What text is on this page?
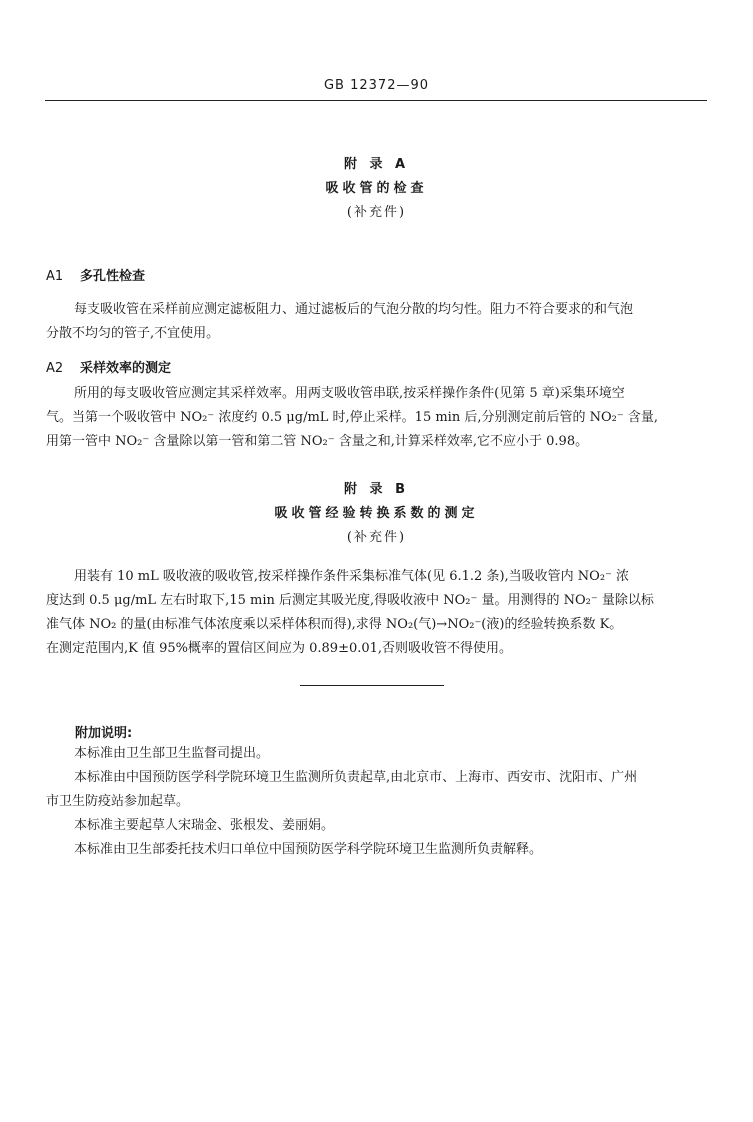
GB 12372—90
附 录 A
吸收管的检查
(补充件)
A1 多孔性检查
每支吸收管在采样前应测定滤板阻力、通过滤板后的气泡分散的均匀性。阻力不符合要求的和气泡
分散不均匀的管子,不宜使用。
A2 采样效率的测定
所用的每支吸收管应测定其采样效率。用两支吸收管串联,按采样操作条件(见第 5 章)采集环境空
气。当第一个吸收管中 NO₂⁻ 浓度约 0.5 μg/mL 时,停止采样。15 min 后,分别测定前后管的 NO₂⁻ 含量,
用第一管中 NO₂⁻ 含量除以第一管和第二管 NO₂⁻ 含量之和,计算采样效率,它不应小于 0.98。
附 录 B
吸收管经验转换系数的测定
(补充件)
用装有 10 mL 吸收液的吸收管,按采样操作条件采集标准气体(见 6.1.2 条),当吸收管内 NO₂⁻ 浓
度达到 0.5 μg/mL 左右时取下,15 min 后测定其吸光度,得吸收液中 NO₂⁻ 量。用测得的 NO₂⁻ 量除以标
准气体 NO₂ 的量(由标准气体浓度乘以采样体积而得),求得 NO₂(气)→NO₂⁻(液)的经验转换系数 K。
在测定范围内,K 值 95%概率的置信区间应为 0.89±0.01,否则吸收管不得使用。
附加说明:
本标准由卫生部卫生监督司提出。
本标准由中国预防医学科学院环境卫生监测所负责起草,由北京市、上海市、西安市、沈阳市、广州
市卫生防疫站参加起草。
本标准主要起草人宋瑞金、张根发、姜丽娟。
本标准由卫生部委托技术归口单位中国预防医学科学院环境卫生监测所负责解释。
